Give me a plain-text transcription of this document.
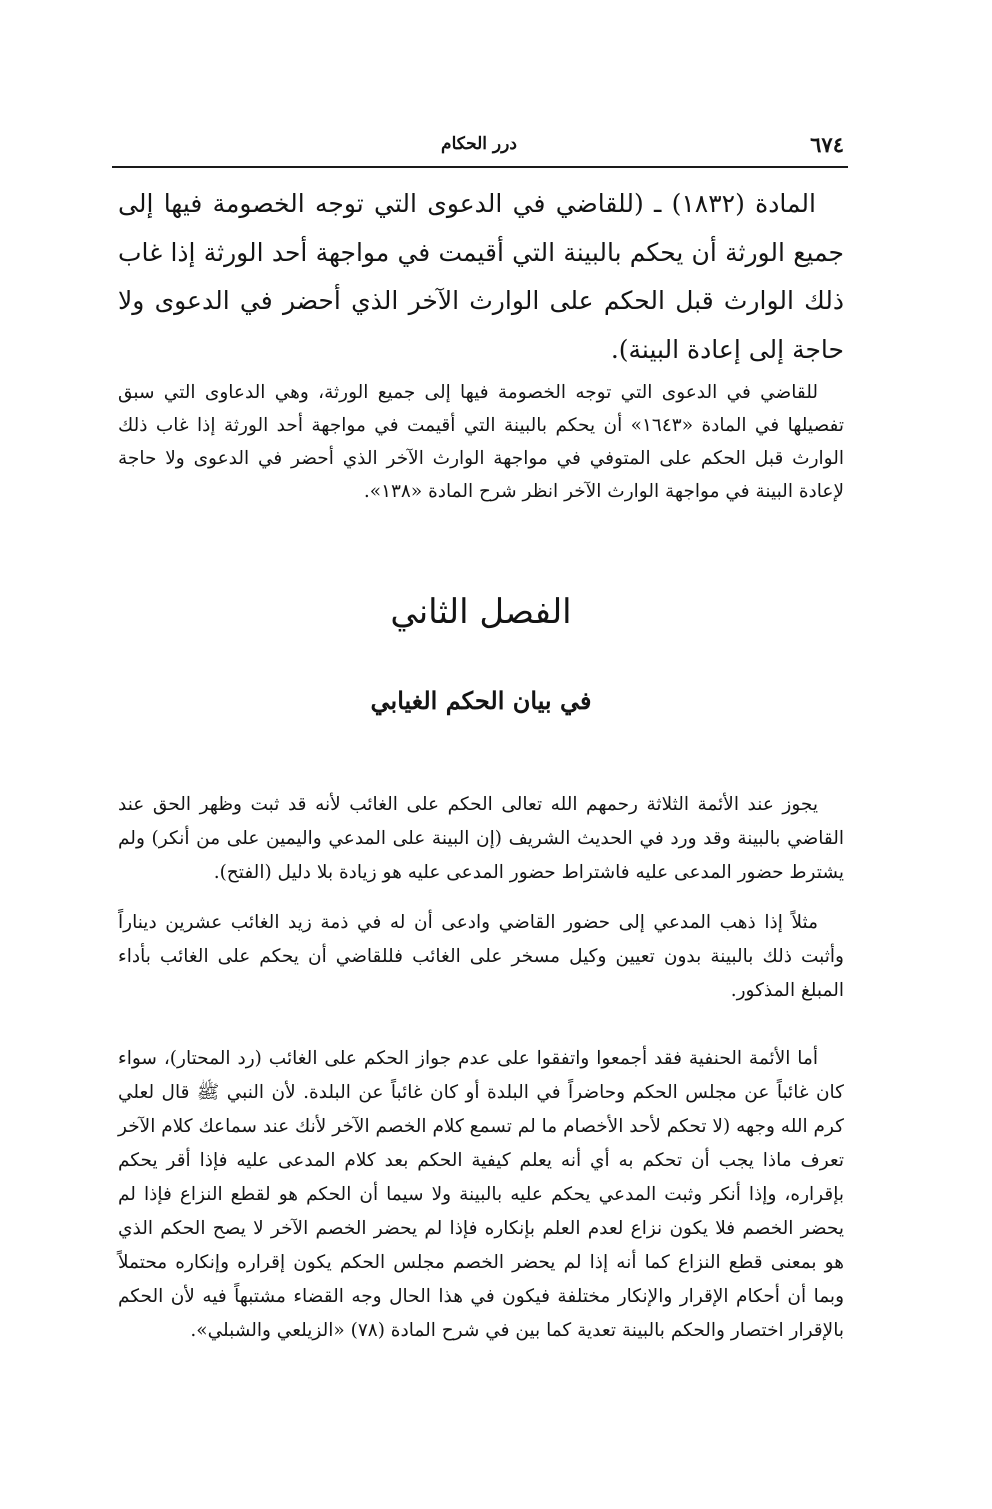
٦٧٤
درر الحكام

المادة (١٨٣٢) ـ (للقاضي في الدعوى التي توجه الخصومة فيها إلى جميع الورثة أن يحكم بالبينة التي أقيمت في مواجهة أحد الورثة إذا غاب ذلك الوارث قبل الحكم على الوارث الآخر الذي أحضر في الدعوى ولا حاجة إلى إعادة البينة).

للقاضي في الدعوى التي توجه الخصومة فيها إلى جميع الورثة، وهي الدعاوى التي سبق تفصيلها في المادة «١٦٤٣» أن يحكم بالبينة التي أقيمت في مواجهة أحد الورثة إذا غاب ذلك الوارث قبل الحكم على المتوفي في مواجهة الوارث الآخر الذي أحضر في الدعوى ولا حاجة لإعادة البينة في مواجهة الوارث الآخر انظر شرح المادة «١٣٨».

الفصل الثاني
في بيان الحكم الغيابي

يجوز عند الأئمة الثلاثة رحمهم الله تعالى الحكم على الغائب لأنه قد ثبت وظهر الحق عند القاضي بالبينة وقد ورد في الحديث الشريف (إن البينة على المدعي واليمين على من أنكر) ولم يشترط حضور المدعى عليه فاشتراط حضور المدعى عليه هو زيادة بلا دليل (الفتح).

مثلاً إذا ذهب المدعي إلى حضور القاضي وادعى أن له في ذمة زيد الغائب عشرين ديناراً وأثبت ذلك بالبينة بدون تعيين وكيل مسخر على الغائب فللقاضي أن يحكم على الغائب بأداء المبلغ المذكور.

أما الأئمة الحنفية فقد أجمعوا واتفقوا على عدم جواز الحكم على الغائب (رد المحتار)، سواء كان غائباً عن مجلس الحكم وحاضراً في البلدة أو كان غائباً عن البلدة. لأن النبي ﷺ قال لعلي كرم الله وجهه (لا تحكم لأحد الأخصام ما لم تسمع كلام الخصم الآخر لأنك عند سماعك كلام الآخر تعرف ماذا يجب أن تحكم به أي أنه يعلم كيفية الحكم بعد كلام المدعى عليه فإذا أقر يحكم بإقراره، وإذا أنكر وثبت المدعي يحكم عليه بالبينة ولا سيما أن الحكم هو لقطع النزاع فإذا لم يحضر الخصم فلا يكون نزاع لعدم العلم بإنكاره فإذا لم يحضر الخصم الآخر لا يصح الحكم الذي هو بمعنى قطع النزاع كما أنه إذا لم يحضر الخصم مجلس الحكم يكون إقراره وإنكاره محتملاً وبما أن أحكام الإقرار والإنكار مختلفة فيكون في هذا الحال وجه القضاء مشتبهاً فيه لأن الحكم بالإقرار اختصار والحكم بالبينة تعدية كما بين في شرح المادة (٧٨) «الزيلعي والشبلي».
